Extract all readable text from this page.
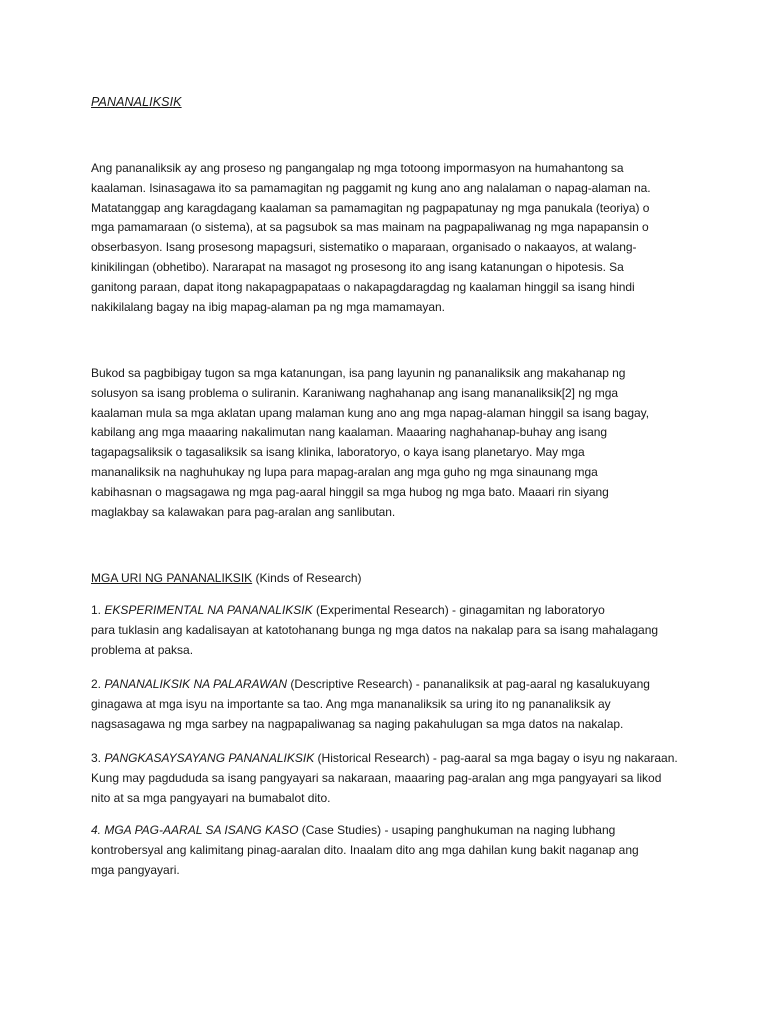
PANANALIKSIK

Ang pananaliksik ay ang proseso ng pangangalap ng mga totoong impormasyon na humahantong sa

kaalaman. Isinasagawa ito sa pamamagitan ng paggamit ng kung ano ang nalalaman o napag-alaman na.

Matatanggap ang karagdagang kaalaman sa pamamagitan ng pagpapatunay ng mga panukala (teoriya) o

mga pamamaraan (o sistema), at sa pagsubok sa mas mainam na pagpapaliwanag ng mga napapansin o

obserbasyon. Isang prosesong mapagsuri, sistematiko o maparaan, organisado o nakaayos, at walang-

kinikilingan (obhetibo). Nararapat na masagot ng prosesong ito ang isang katanungan o hipotesis. Sa

ganitong paraan, dapat itong nakapagpapataas o nakapagdaragdag ng kaalaman hinggil sa isang hindi

nakikilalang bagay na ibig mapag-alaman pa ng mga mamamayan.

Bukod sa pagbibigay tugon sa mga katanungan, isa pang layunin ng pananaliksik ang makahanap ng

solusyon sa isang problema o suliranin. Karaniwang naghahanap ang isang mananaliksik[2] ng mga

kaalaman mula sa mga aklatan upang malaman kung ano ang mga napag-alaman hinggil sa isang bagay,

kabilang ang mga maaaring nakalimutan nang kaalaman. Maaaring naghahanap-buhay ang isang

tagapagsaliksik o tagasaliksik sa isang klinika, laboratoryo, o kaya isang planetaryo. May mga

mananaliksik na naghuhukay ng lupa para mapag-aralan ang mga guho ng mga sinaunang mga

kabihasnan o magsagawa ng mga pag-aaral hinggil sa mga hubog ng mga bato. Maaari rin siyang

maglakbay sa kalawakan para pag-aralan ang sanlibutan.

MGA URI NG PANANALIKSIK (Kinds of Research)

1. EKSPERIMENTAL NA PANANALIKSIK (Experimental Research) - ginagamitan ng laboratoryo

para tuklasin ang kadalisayan at katotohanang bunga ng mga datos na nakalap para sa isang mahalagang

problema at paksa.

2. PANANALIKSIK NA PALARAWAN (Descriptive Research) - pananaliksik at pag-aaral ng kasalukuyang

ginagawa at mga isyu na importante sa tao. Ang mga mananaliksik sa uring ito ng pananaliksik ay

nagsasagawa ng mga sarbey na nagpapaliwanag sa naging pakahulugan sa mga datos na nakalap.

3. PANGKASAYSAYANG PANANALIKSIK (Historical Research) - pag-aaral sa mga bagay o isyu ng nakaraan.

Kung may pagdududa sa isang pangyayari sa nakaraan, maaaring pag-aralan ang mga pangyayari sa likod

nito at sa mga pangyayari na bumabalot dito.

4. MGA PAG-AARAL SA ISANG KASO (Case Studies) - usaping panghukuman na naging lubhang

kontrobersyal ang kalimitang pinag-aaralan dito. Inaalam dito ang mga dahilan kung bakit naganap ang

mga pangyayari.
